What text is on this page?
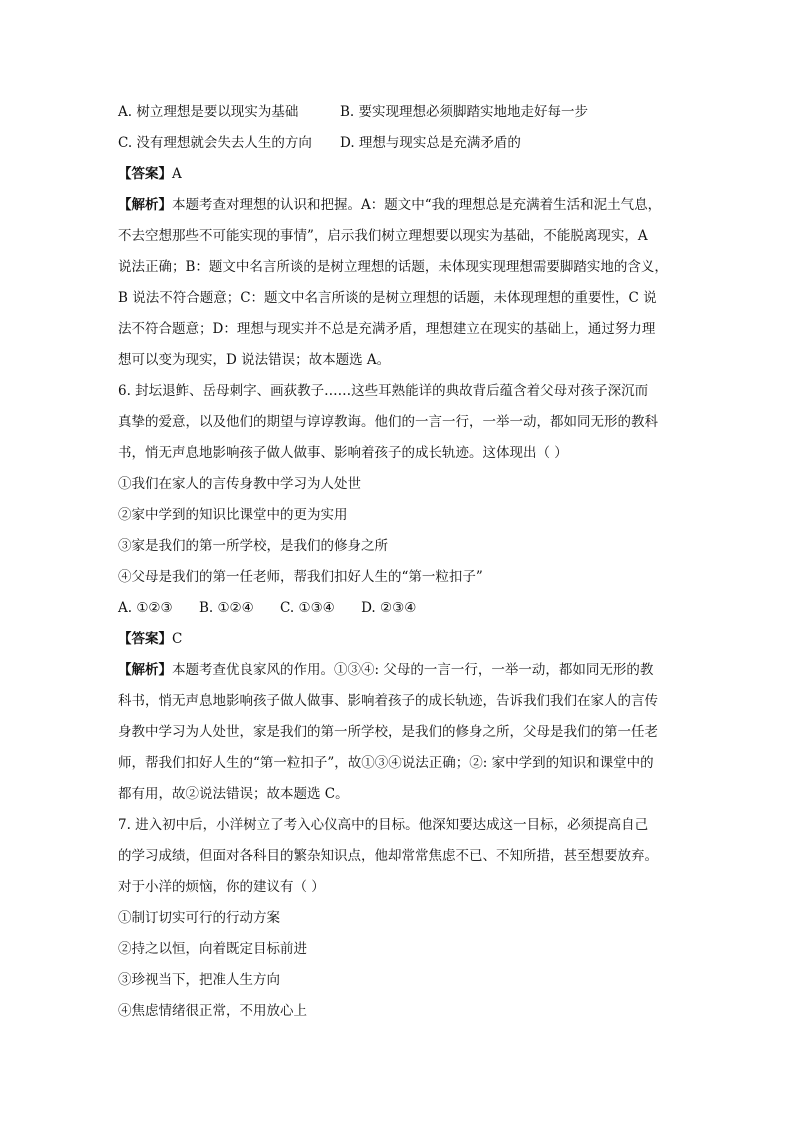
A. 树立理想是要以现实为基础	B. 要实现理想必须脚踏实地地走好每一步
C. 没有理想就会失去人生的方向	D. 理想与现实总是充满矛盾的
【答案】A
【解析】本题考查对理想的认识和把握。A：题文中“我的理想总是充满着生活和泥土气息，
不去空想那些不可能实现的事情”，启示我们树立理想要以现实为基础，不能脱离现实，A
说法正确；B：题文中名言所谈的是树立理想的话题，未体现实现理想需要脚踏实地的含义，
B 说法不符合题意；C：题文中名言所谈的是树立理想的话题，未体现理想的重要性，C 说
法不符合题意；D：理想与现实并不总是充满矛盾，理想建立在现实的基础上，通过努力理
想可以变为现实，D 说法错误；故本题选 A。
6. 封坛退鲊、岳母刺字、画荻教子……这些耳熟能详的典故背后蕴含着父母对孩子深沉而
真挚的爱意，以及他们的期望与谆谆教诲。他们的一言一行，一举一动，都如同无形的教科
书，悄无声息地影响孩子做人做事、影响着孩子的成长轨迹。这体现出（ ）
①我们在家人的言传身教中学习为人处世
②家中学到的知识比课堂中的更为实用
③家是我们的第一所学校，是我们的修身之所
④父母是我们的第一任老师，帮我们扣好人生的“第一粒扣子”
A. ①②③ B. ①②④ C. ①③④ D. ②③④
【答案】C
【解析】本题考查优良家风的作用。①③④: 父母的一言一行，一举一动，都如同无形的教
科书，悄无声息地影响孩子做人做事、影响着孩子的成长轨迹，告诉我们我们在家人的言传
身教中学习为人处世，家是我们的第一所学校，是我们的修身之所，父母是我们的第一任老
师，帮我们扣好人生的“第一粒扣子”，故①③④说法正确；②: 家中学到的知识和课堂中的
都有用，故②说法错误；故本题选 C。
7. 进入初中后，小洋树立了考入心仪高中的目标。他深知要达成这一目标，必须提高自己
的学习成绩，但面对各科目的繁杂知识点，他却常常焦虑不已、不知所措，甚至想要放弃。
对于小洋的烦恼，你的建议有（ ）
①制订切实可行的行动方案
②持之以恒，向着既定目标前进
③珍视当下，把准人生方向
④焦虑情绪很正常，不用放心上
